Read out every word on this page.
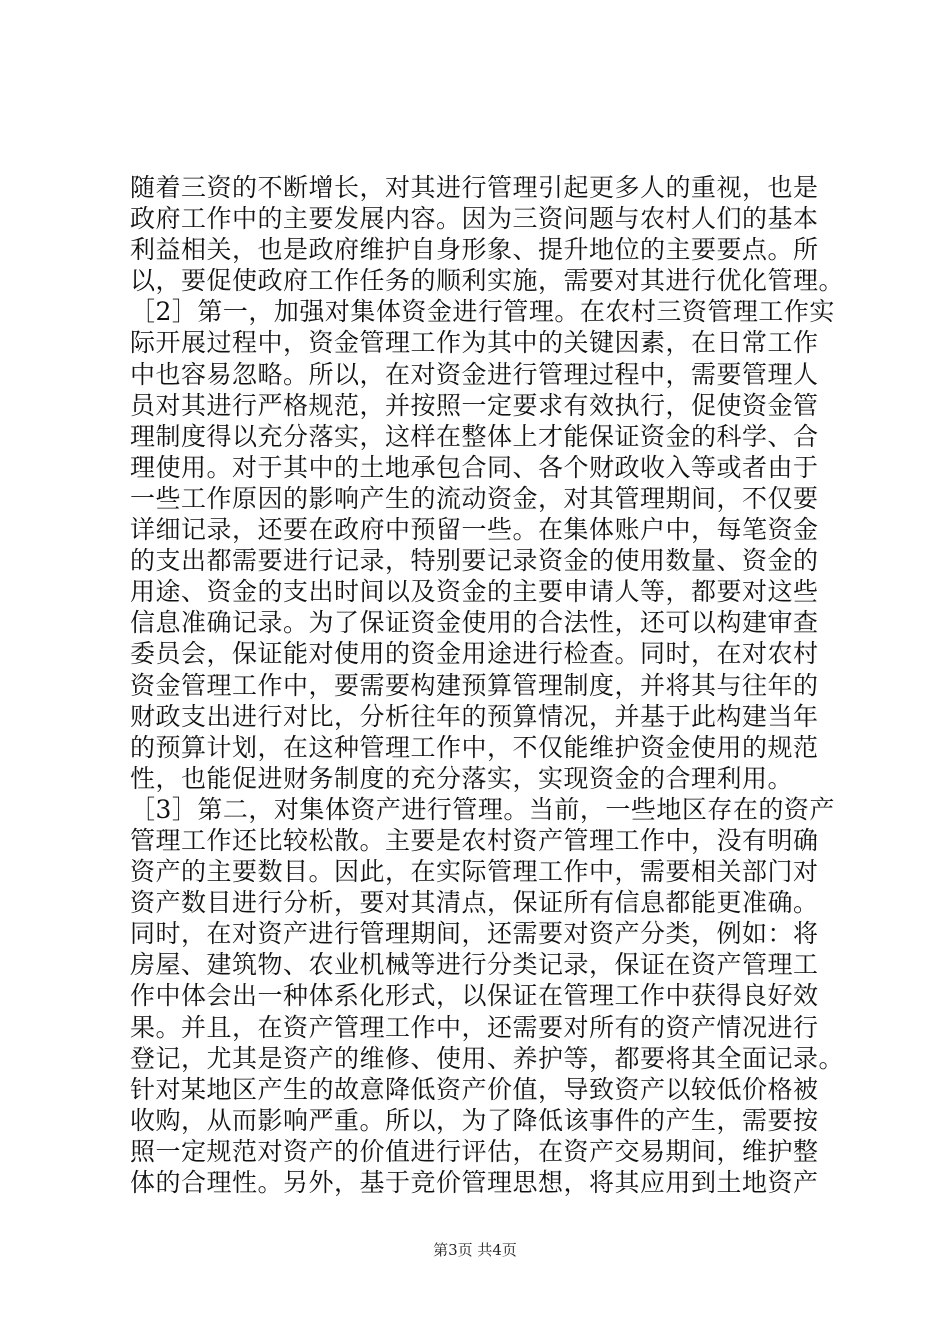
随着三资的不断增长，对其进行管理引起更多人的重视，也是
政府工作中的主要发展内容。因为三资问题与农村人们的基本
利益相关，也是政府维护自身形象、提升地位的主要要点。所
以，要促使政府工作任务的顺利实施，需要对其进行优化管理。
［2］第一，加强对集体资金进行管理。在农村三资管理工作实
际开展过程中，资金管理工作为其中的关键因素，在日常工作
中也容易忽略。所以，在对资金进行管理过程中，需要管理人
员对其进行严格规范，并按照一定要求有效执行，促使资金管
理制度得以充分落实，这样在整体上才能保证资金的科学、合
理使用。对于其中的土地承包合同、各个财政收入等或者由于
一些工作原因的影响产生的流动资金，对其管理期间，不仅要
详细记录，还要在政府中预留一些。在集体账户中，每笔资金
的支出都需要进行记录，特别要记录资金的使用数量、资金的
用途、资金的支出时间以及资金的主要申请人等，都要对这些
信息准确记录。为了保证资金使用的合法性，还可以构建审查
委员会，保证能对使用的资金用途进行检查。同时，在对农村
资金管理工作中，要需要构建预算管理制度，并将其与往年的
财政支出进行对比，分析往年的预算情况，并基于此构建当年
的预算计划，在这种管理工作中，不仅能维护资金使用的规范
性，也能促进财务制度的充分落实，实现资金的合理利用。
［3］第二，对集体资产进行管理。当前，一些地区存在的资产
管理工作还比较松散。主要是农村资产管理工作中，没有明确
资产的主要数目。因此，在实际管理工作中，需要相关部门对
资产数目进行分析，要对其清点，保证所有信息都能更准确。
同时，在对资产进行管理期间，还需要对资产分类，例如：将
房屋、建筑物、农业机械等进行分类记录，保证在资产管理工
作中体会出一种体系化形式，以保证在管理工作中获得良好效
果。并且，在资产管理工作中，还需要对所有的资产情况进行
登记，尤其是资产的维修、使用、养护等，都要将其全面记录。
针对某地区产生的故意降低资产价值，导致资产以较低价格被
收购，从而影响严重。所以，为了降低该事件的产生，需要按
照一定规范对资产的价值进行评估，在资产交易期间，维护整
体的合理性。另外，基于竞价管理思想，将其应用到土地资产
第3页 共4页
